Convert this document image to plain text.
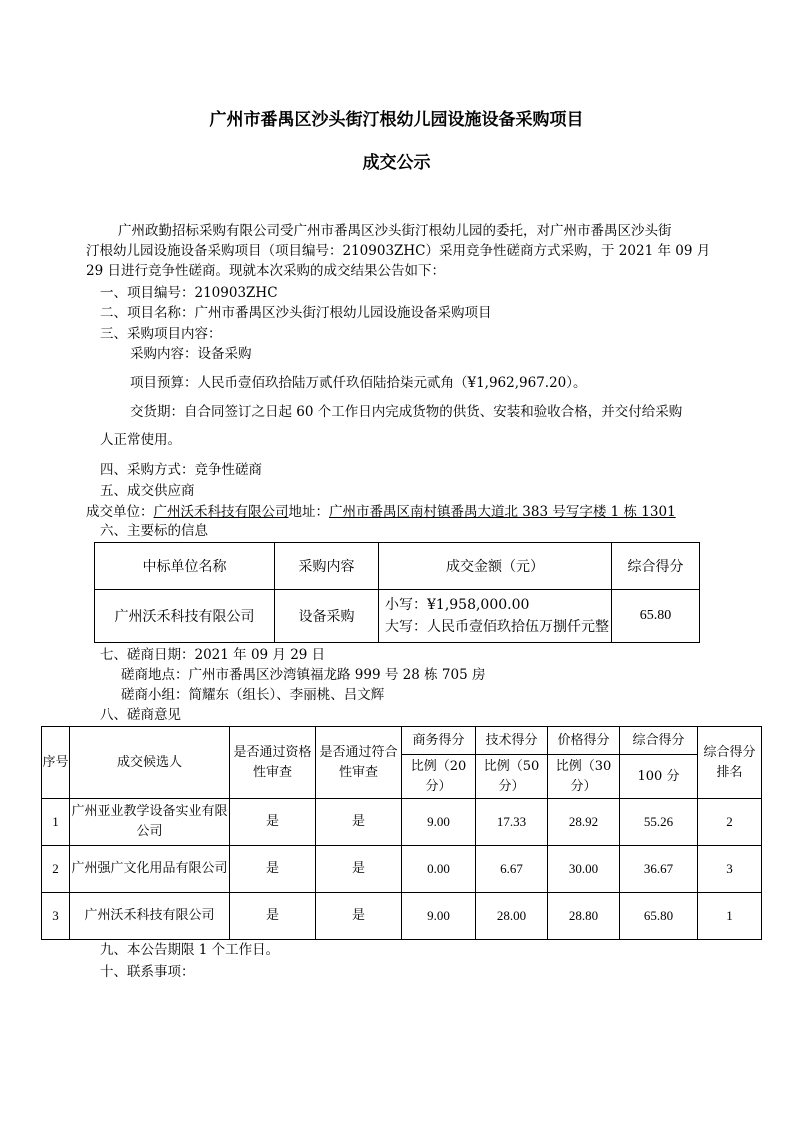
广州市番禺区沙头街汀根幼儿园设施设备采购项目
成交公示
广州政勤招标采购有限公司受广州市番禺区沙头街汀根幼儿园的委托，对广州市番禺区沙头街
汀根幼儿园设施设备采购项目（项目编号：210903ZHC）采用竞争性磋商方式采购，于 2021 年 09 月
29 日进行竞争性磋商。现就本次采购的成交结果公告如下：
一、项目编号：210903ZHC
二、项目名称：广州市番禺区沙头街汀根幼儿园设施设备采购项目
三、采购项目内容：
采购内容：设备采购
项目预算：人民币壹佰玖拾陆万贰仟玖佰陆拾柒元贰角（¥1,962,967.20）。
交货期：自合同签订之日起 60 个工作日内完成货物的供货、安装和验收合格，并交付给采购
人正常使用。
四、采购方式：竞争性磋商
五、成交供应商
成交单位：广州沃禾科技有限公司地址：广州市番禺区南村镇番禺大道北 383 号写字楼 1 栋 1301
六、主要标的信息
中标单位名称	采购内容	成交金额（元）	综合得分
广州沃禾科技有限公司	设备采购	小写：¥1,958,000.00
大写：人民币壹佰玖拾伍万捌仟元整	65.80
七、磋商日期：2021 年 09 月 29 日
磋商地点：广州市番禺区沙湾镇福龙路 999 号 28 栋 705 房
磋商小组：简耀东（组长）、李丽桃、吕文辉
八、磋商意见
序号	成交候选人	是否通过资格性审查	是否通过符合性审查	商务得分	技术得分	价格得分	综合得分	综合得分排名
				比例（20 分）	比例（50 分）	比例（30 分）	100 分	
1	广州亚业教学设备实业有限公司	是	是	9.00	17.33	28.92	55.26	2
2	广州强广文化用品有限公司	是	是	0.00	6.67	30.00	36.67	3
3	广州沃禾科技有限公司	是	是	9.00	28.00	28.80	65.80	1
九、本公告期限 1 个工作日。
十、联系事项：
